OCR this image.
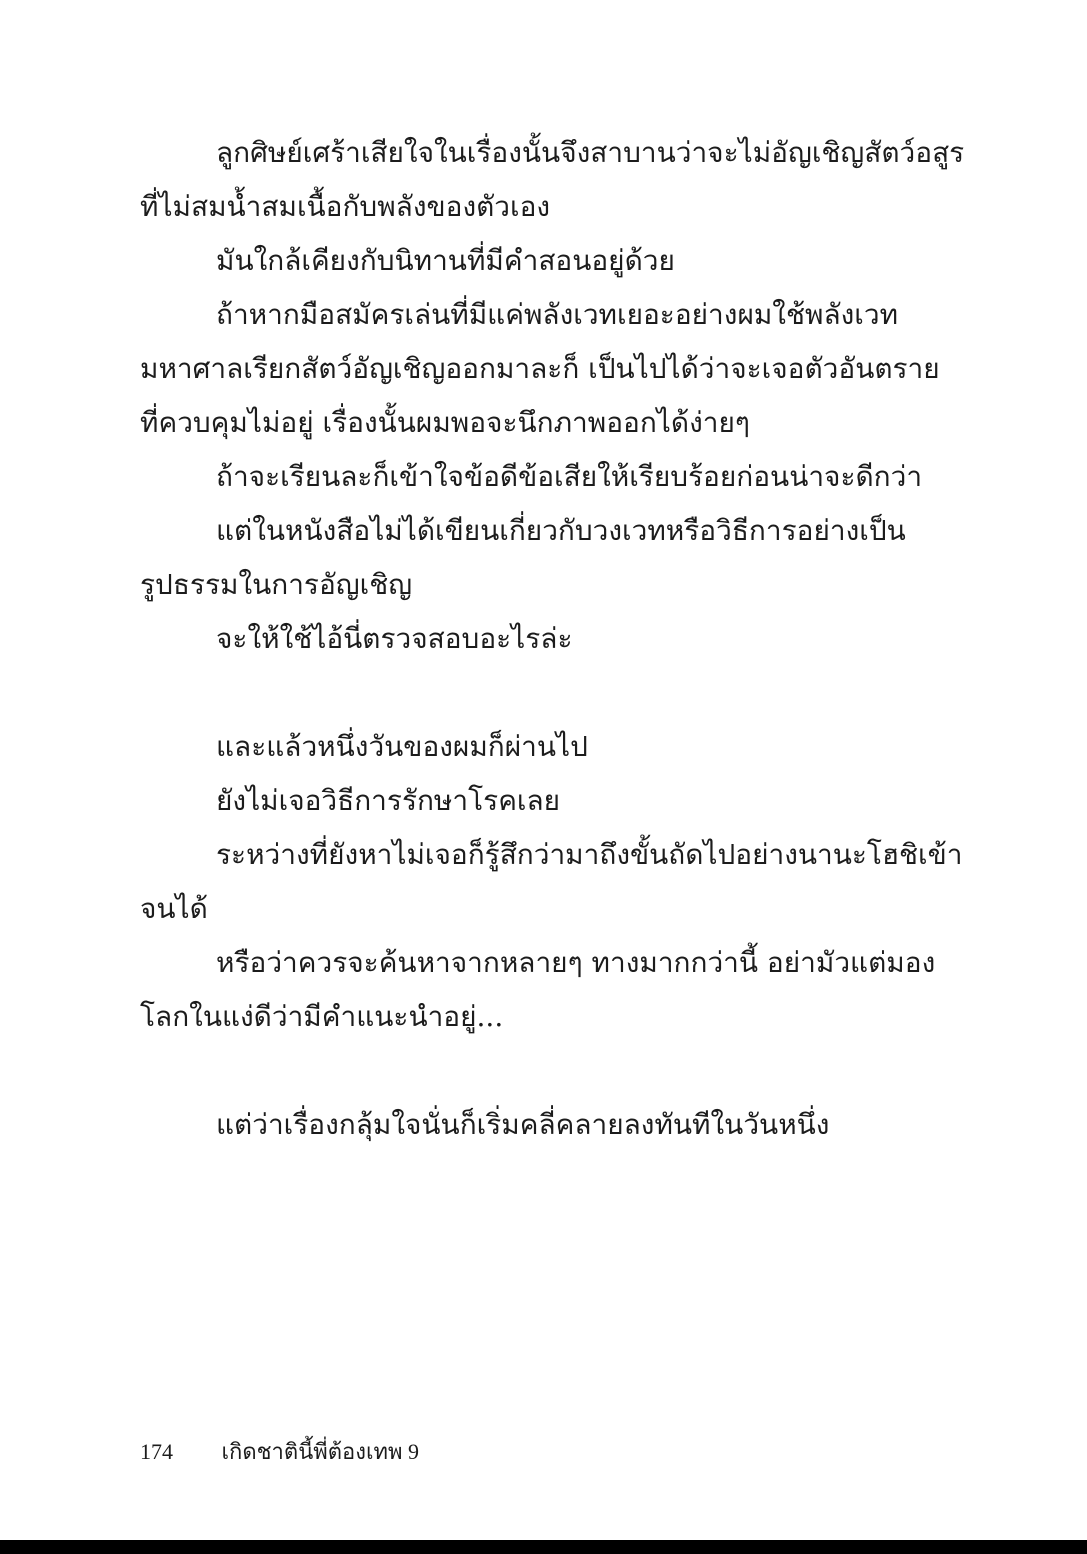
ลูกศิษย์เศร้าเสียใจในเรื่องนั้นจึงสาบานว่าจะไม่อัญเชิญสัตว์อสูร
ที่ไม่สมน้ำสมเนื้อกับพลังของตัวเอง
มันใกล้เคียงกับนิทานที่มีคำสอนอยู่ด้วย
ถ้าหากมือสมัครเล่นที่มีแค่พลังเวทเยอะอย่างผมใช้พลังเวท
มหาศาลเรียกสัตว์อัญเชิญออกมาละก็ เป็นไปได้ว่าจะเจอตัวอันตราย
ที่ควบคุมไม่อยู่ เรื่องนั้นผมพอจะนึกภาพออกได้ง่ายๆ
ถ้าจะเรียนละก็เข้าใจข้อดีข้อเสียให้เรียบร้อยก่อนน่าจะดีกว่า
แต่ในหนังสือไม่ได้เขียนเกี่ยวกับวงเวทหรือวิธีการอย่างเป็น
รูปธรรมในการอัญเชิญ
จะให้ใช้ไอ้นี่ตรวจสอบอะไรล่ะ
และแล้วหนึ่งวันของผมก็ผ่านไป
ยังไม่เจอวิธีการรักษาโรคเลย
ระหว่างที่ยังหาไม่เจอก็รู้สึกว่ามาถึงขั้นถัดไปอย่างนานะโฮชิเข้า
จนได้
หรือว่าควรจะค้นหาจากหลายๆ ทางมากกว่านี้ อย่ามัวแต่มอง
โลกในแง่ดีว่ามีคำแนะนำอยู่...
แต่ว่าเรื่องกลุ้มใจนั่นก็เริ่มคลี่คลายลงทันทีในวันหนึ่ง
174 เกิดชาตินี้พี่ต้องเทพ 9
